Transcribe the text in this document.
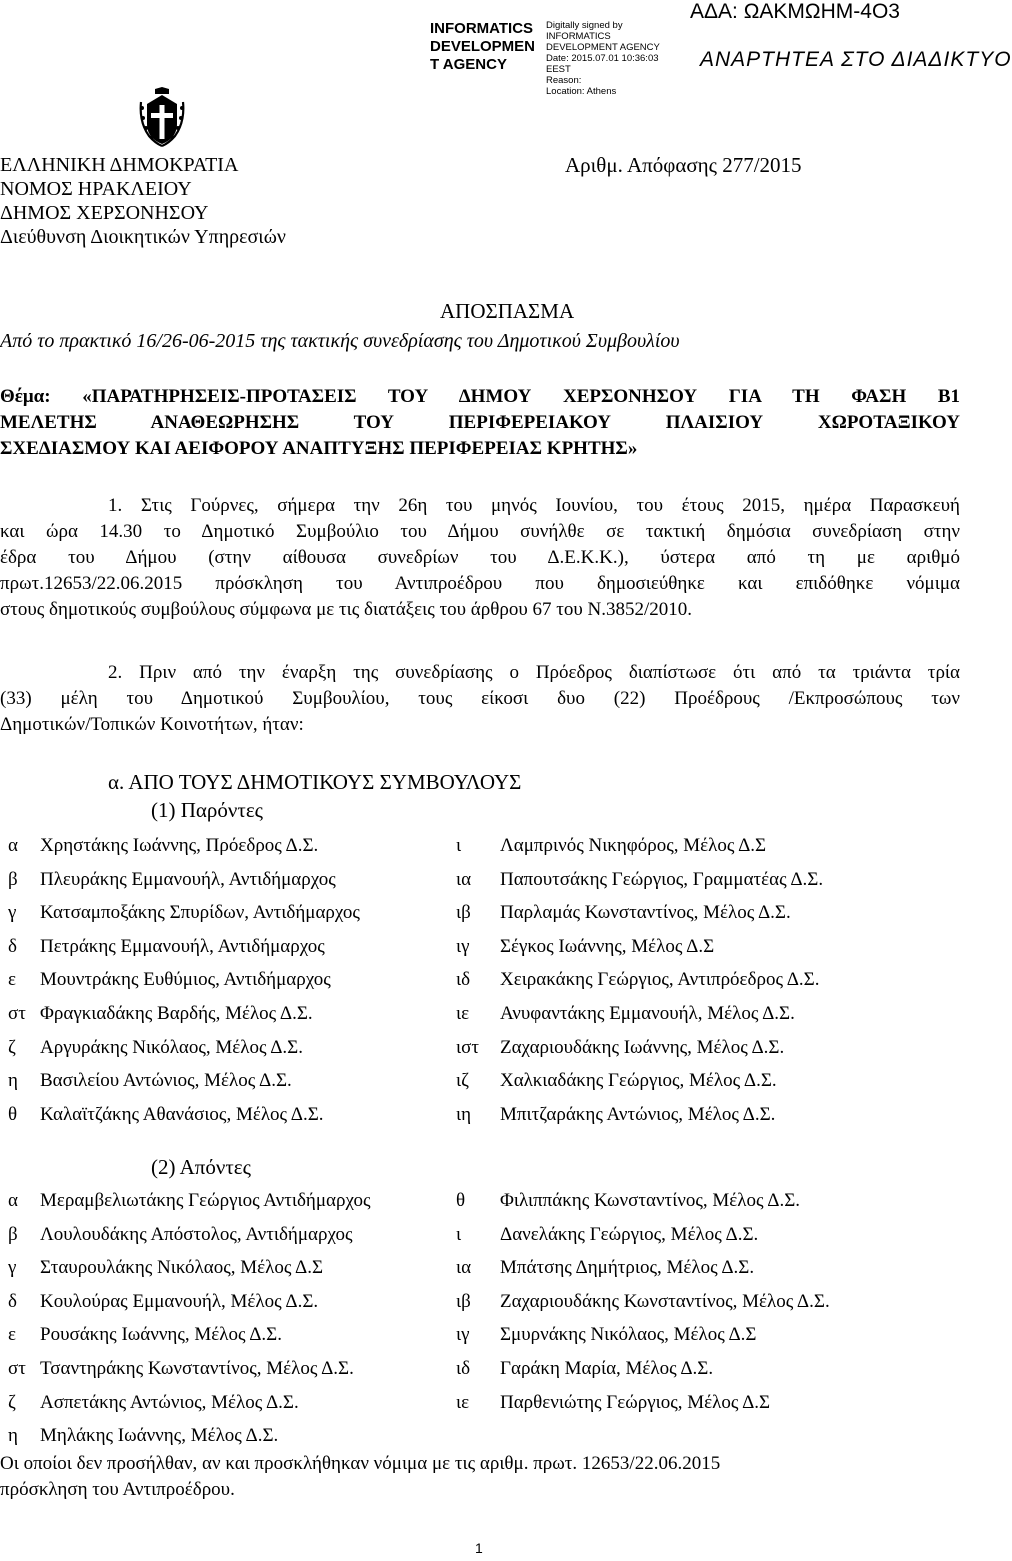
INFORMATICS
DEVELOPMEN
T AGENCY
Digitally signed by
INFORMATICS
DEVELOPMENT AGENCY
Date: 2015.07.01 10:36:03
EEST
Reason:
Location: Athens
ΑΔΑ: ΩΑΚΜΩΗΜ-4Ο3
ΑΝΑΡΤΗΤΕΑ ΣΤΟ ΔΙΑΔΙΚΤΥΟ
ΕΛΛΗΝΙΚΗ ΔΗΜΟΚΡΑΤΙΑ
ΝΟΜΟΣ ΗΡΑΚΛΕΙΟΥ
ΔΗΜΟΣ ΧΕΡΣΟΝΗΣΟΥ
Διεύθυνση Διοικητικών Υπηρεσιών
Αριθμ. Απόφασης 277/2015
ΑΠΟΣΠΑΣΜΑ
Από το πρακτικό 16/26-06-2015 της τακτικής συνεδρίασης του Δημοτικού Συμβουλίου
Θέμα: «ΠΑΡΑΤΗΡΗΣΕΙΣ-ΠΡΟΤΑΣΕΙΣ ΤΟΥ ΔΗΜΟΥ ΧΕΡΣΟΝΗΣΟΥ ΓΙΑ ΤΗ ΦΑΣΗ Β1
ΜΕΛΕΤΗΣ ΑΝΑΘΕΩΡΗΣΗΣ ΤΟΥ ΠΕΡΙΦΕΡΕΙΑΚΟΥ ΠΛΑΙΣΙΟΥ ΧΩΡΟΤΑΞΙΚΟΥ
ΣΧΕΔΙΑΣΜΟΥ ΚΑΙ ΑΕΙΦΟΡΟΥ ΑΝΑΠΤΥΞΗΣ ΠΕΡΙΦΕΡΕΙΑΣ ΚΡΗΤΗΣ»
1. Στις Γούρνες, σήμερα την 26η του μηνός Ιουνίου, του έτους 2015, ημέρα Παρασκευή
και ώρα 14.30 το Δημοτικό Συμβούλιο του Δήμου συνήλθε σε τακτική δημόσια συνεδρίαση στην
έδρα του Δήμου (στην αίθουσα συνεδρίων του Δ.Ε.Κ.Κ.), ύστερα από τη με αριθμό
πρωτ.12653/22.06.2015 πρόσκληση του Αντιπροέδρου που δημοσιεύθηκε και επιδόθηκε νόμιμα
στους δημοτικούς συμβούλους σύμφωνα με τις διατάξεις του άρθρου 67 του Ν.3852/2010.
2. Πριν από την έναρξη της συνεδρίασης ο Πρόεδρος διαπίστωσε ότι από τα τριάντα τρία
(33) μέλη του Δημοτικού Συμβουλίου, τους είκοσι δυο (22) Προέδρους /Εκπροσώπους των
Δημοτικών/Τοπικών Κοινοτήτων, ήταν:
α. ΑΠΟ ΤΟΥΣ ΔΗΜΟΤΙΚΟΥΣ ΣΥΜΒΟΥΛΟΥΣ
(1) Παρόντες
(2) Απόντες
α Χρηστάκης Ιωάννης, Πρόεδρος Δ.Σ.
β Πλευράκης Εμμανουήλ, Αντιδήμαρχος
γ Κατσαμποξάκης Σπυρίδων, Αντιδήμαρχος
δ Πετράκης Εμμανουήλ, Αντιδήμαρχος
ε Μουντράκης Ευθύμιος, Αντιδήμαρχος
στ Φραγκιαδάκης Βαρδής, Μέλος Δ.Σ.
ζ Αργυράκης Νικόλαος, Μέλος Δ.Σ.
η Βασιλείου Αντώνιος, Μέλος Δ.Σ.
θ Καλαϊτζάκης Αθανάσιος, Μέλος Δ.Σ.
ι Λαμπρινός Νικηφόρος, Μέλος Δ.Σ
ια Παπουτσάκης Γεώργιος, Γραμματέας Δ.Σ.
ιβ Παρλαμάς Κωνσταντίνος, Μέλος Δ.Σ.
ιγ Σέγκος Ιωάννης, Μέλος Δ.Σ
ιδ Χειρακάκης Γεώργιος, Αντιπρόεδρος Δ.Σ.
ιε Ανυφαντάκης Εμμανουήλ, Μέλος Δ.Σ.
ιστ Ζαχαριουδάκης Ιωάννης, Μέλος Δ.Σ.
ιζ Χαλκιαδάκης Γεώργιος, Μέλος Δ.Σ.
ιη Μπιτζαράκης Αντώνιος, Μέλος Δ.Σ.
α Μεραμβελιωτάκης Γεώργιος Αντιδήμαρχος
β Λουλουδάκης Απόστολος, Αντιδήμαρχος
γ Σταυρουλάκης Νικόλαος, Μέλος Δ.Σ
δ Κουλούρας Εμμανουήλ, Μέλος Δ.Σ.
ε Ρουσάκης Ιωάννης, Μέλος Δ.Σ.
στ Τσαντηράκης Κωνσταντίνος, Μέλος Δ.Σ.
ζ Ασπετάκης Αντώνιος, Μέλος Δ.Σ.
η Μηλάκης Ιωάννης, Μέλος Δ.Σ.
θ Φιλιππάκης Κωνσταντίνος, Μέλος Δ.Σ.
ι Δανελάκης Γεώργιος, Μέλος Δ.Σ.
ια Μπάτσης Δημήτριος, Μέλος Δ.Σ.
ιβ Ζαχαριουδάκης Κωνσταντίνος, Μέλος Δ.Σ.
ιγ Σμυρνάκης Νικόλαος, Μέλος Δ.Σ
ιδ Γαράκη Μαρία, Μέλος Δ.Σ.
ιε Παρθενιώτης Γεώργιος, Μέλος Δ.Σ
Οι οποίοι δεν προσήλθαν, αν και προσκλήθηκαν νόμιμα με τις αριθμ. πρωτ. 12653/22.06.2015
πρόσκληση του Αντιπροέδρου.
1
